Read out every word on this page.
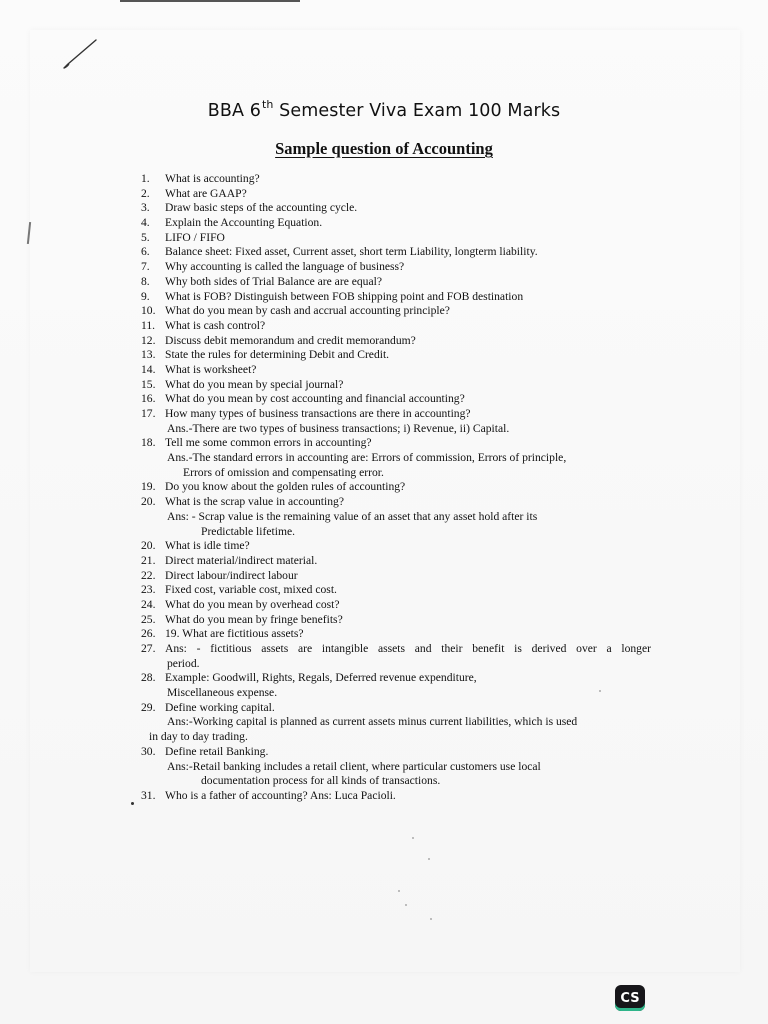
BBA 6th Semester Viva Exam 100 Marks
Sample question of Accounting
1.	What is accounting?
2.	What are GAAP?
3.	Draw basic steps of the accounting cycle.
4.	Explain the Accounting Equation.
5.	LIFO / FIFO
6.	Balance sheet: Fixed asset, Current asset, short term Liability, longterm liability.
7.	Why accounting is called the language of business?
8.	Why both sides of Trial Balance are are equal?
9.	What is FOB? Distinguish between FOB shipping point and FOB destination
10. What do you mean by cash and accrual accounting principle?
11. What is cash control?
12. Discuss debit memorandum and credit memorandum?
13. State the rules for determining Debit and Credit.
14. What is worksheet?
15. What do you mean by special journal?
16. What do you mean by cost accounting and financial accounting?
17. How many types of business transactions are there in accounting?
Ans.-There are two types of business transactions; i) Revenue, ii) Capital.
18. Tell me some common errors in accounting?
Ans.-The standard errors in accounting are: Errors of commission, Errors of principle,
Errors of omission and compensating error.
19. Do you know about the golden rules of accounting?
20. What is the scrap value in accounting?
Ans: - Scrap value is the remaining value of an asset that any asset hold after its
Predictable lifetime.
20. What is idle time?
21. Direct material/indirect material.
22. Direct labour/indirect labour
23. Fixed cost, variable cost, mixed cost.
24. What do you mean by overhead cost?
25. What do you mean by fringe benefits?
26. 19. What are fictitious assets?
27. Ans: - fictitious assets are intangible assets and their benefit is derived over a longer
period.
28. Example: Goodwill, Rights, Regals, Deferred revenue expenditure,
Miscellaneous expense.
29. Define working capital.
Ans:-Working capital is planned as current assets minus current liabilities, which is used
in day to day trading.
30. Define retail Banking.
Ans:-Retail banking includes a retail client, where particular customers use local
documentation process for all kinds of transactions.
31. Who is a father of accounting? Ans: Luca Pacioli.
CS
